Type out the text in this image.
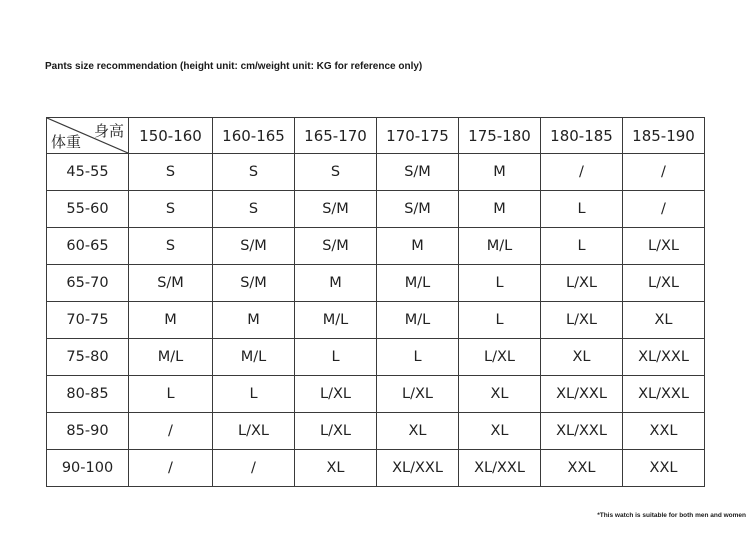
Pants size recommendation (height unit: cm/weight unit: KG for reference only)
身高
体重	150-160	160-165	165-170	170-175	175-180	180-185	185-190
45-55	S	S	S	S/M	M	/	/
55-60	S	S	S/M	S/M	M	L	/
60-65	S	S/M	S/M	M	M/L	L	L/XL
65-70	S/M	S/M	M	M/L	L	L/XL	L/XL
70-75	M	M	M/L	M/L	L	L/XL	XL
75-80	M/L	M/L	L	L	L/XL	XL	XL/XXL
80-85	L	L	L/XL	L/XL	XL	XL/XXL	XL/XXL
85-90	/	L/XL	L/XL	XL	XL	XL/XXL	XXL
90-100	/	/	XL	XL/XXL	XL/XXL	XXL	XXL
*This watch is suitable for both men and women
